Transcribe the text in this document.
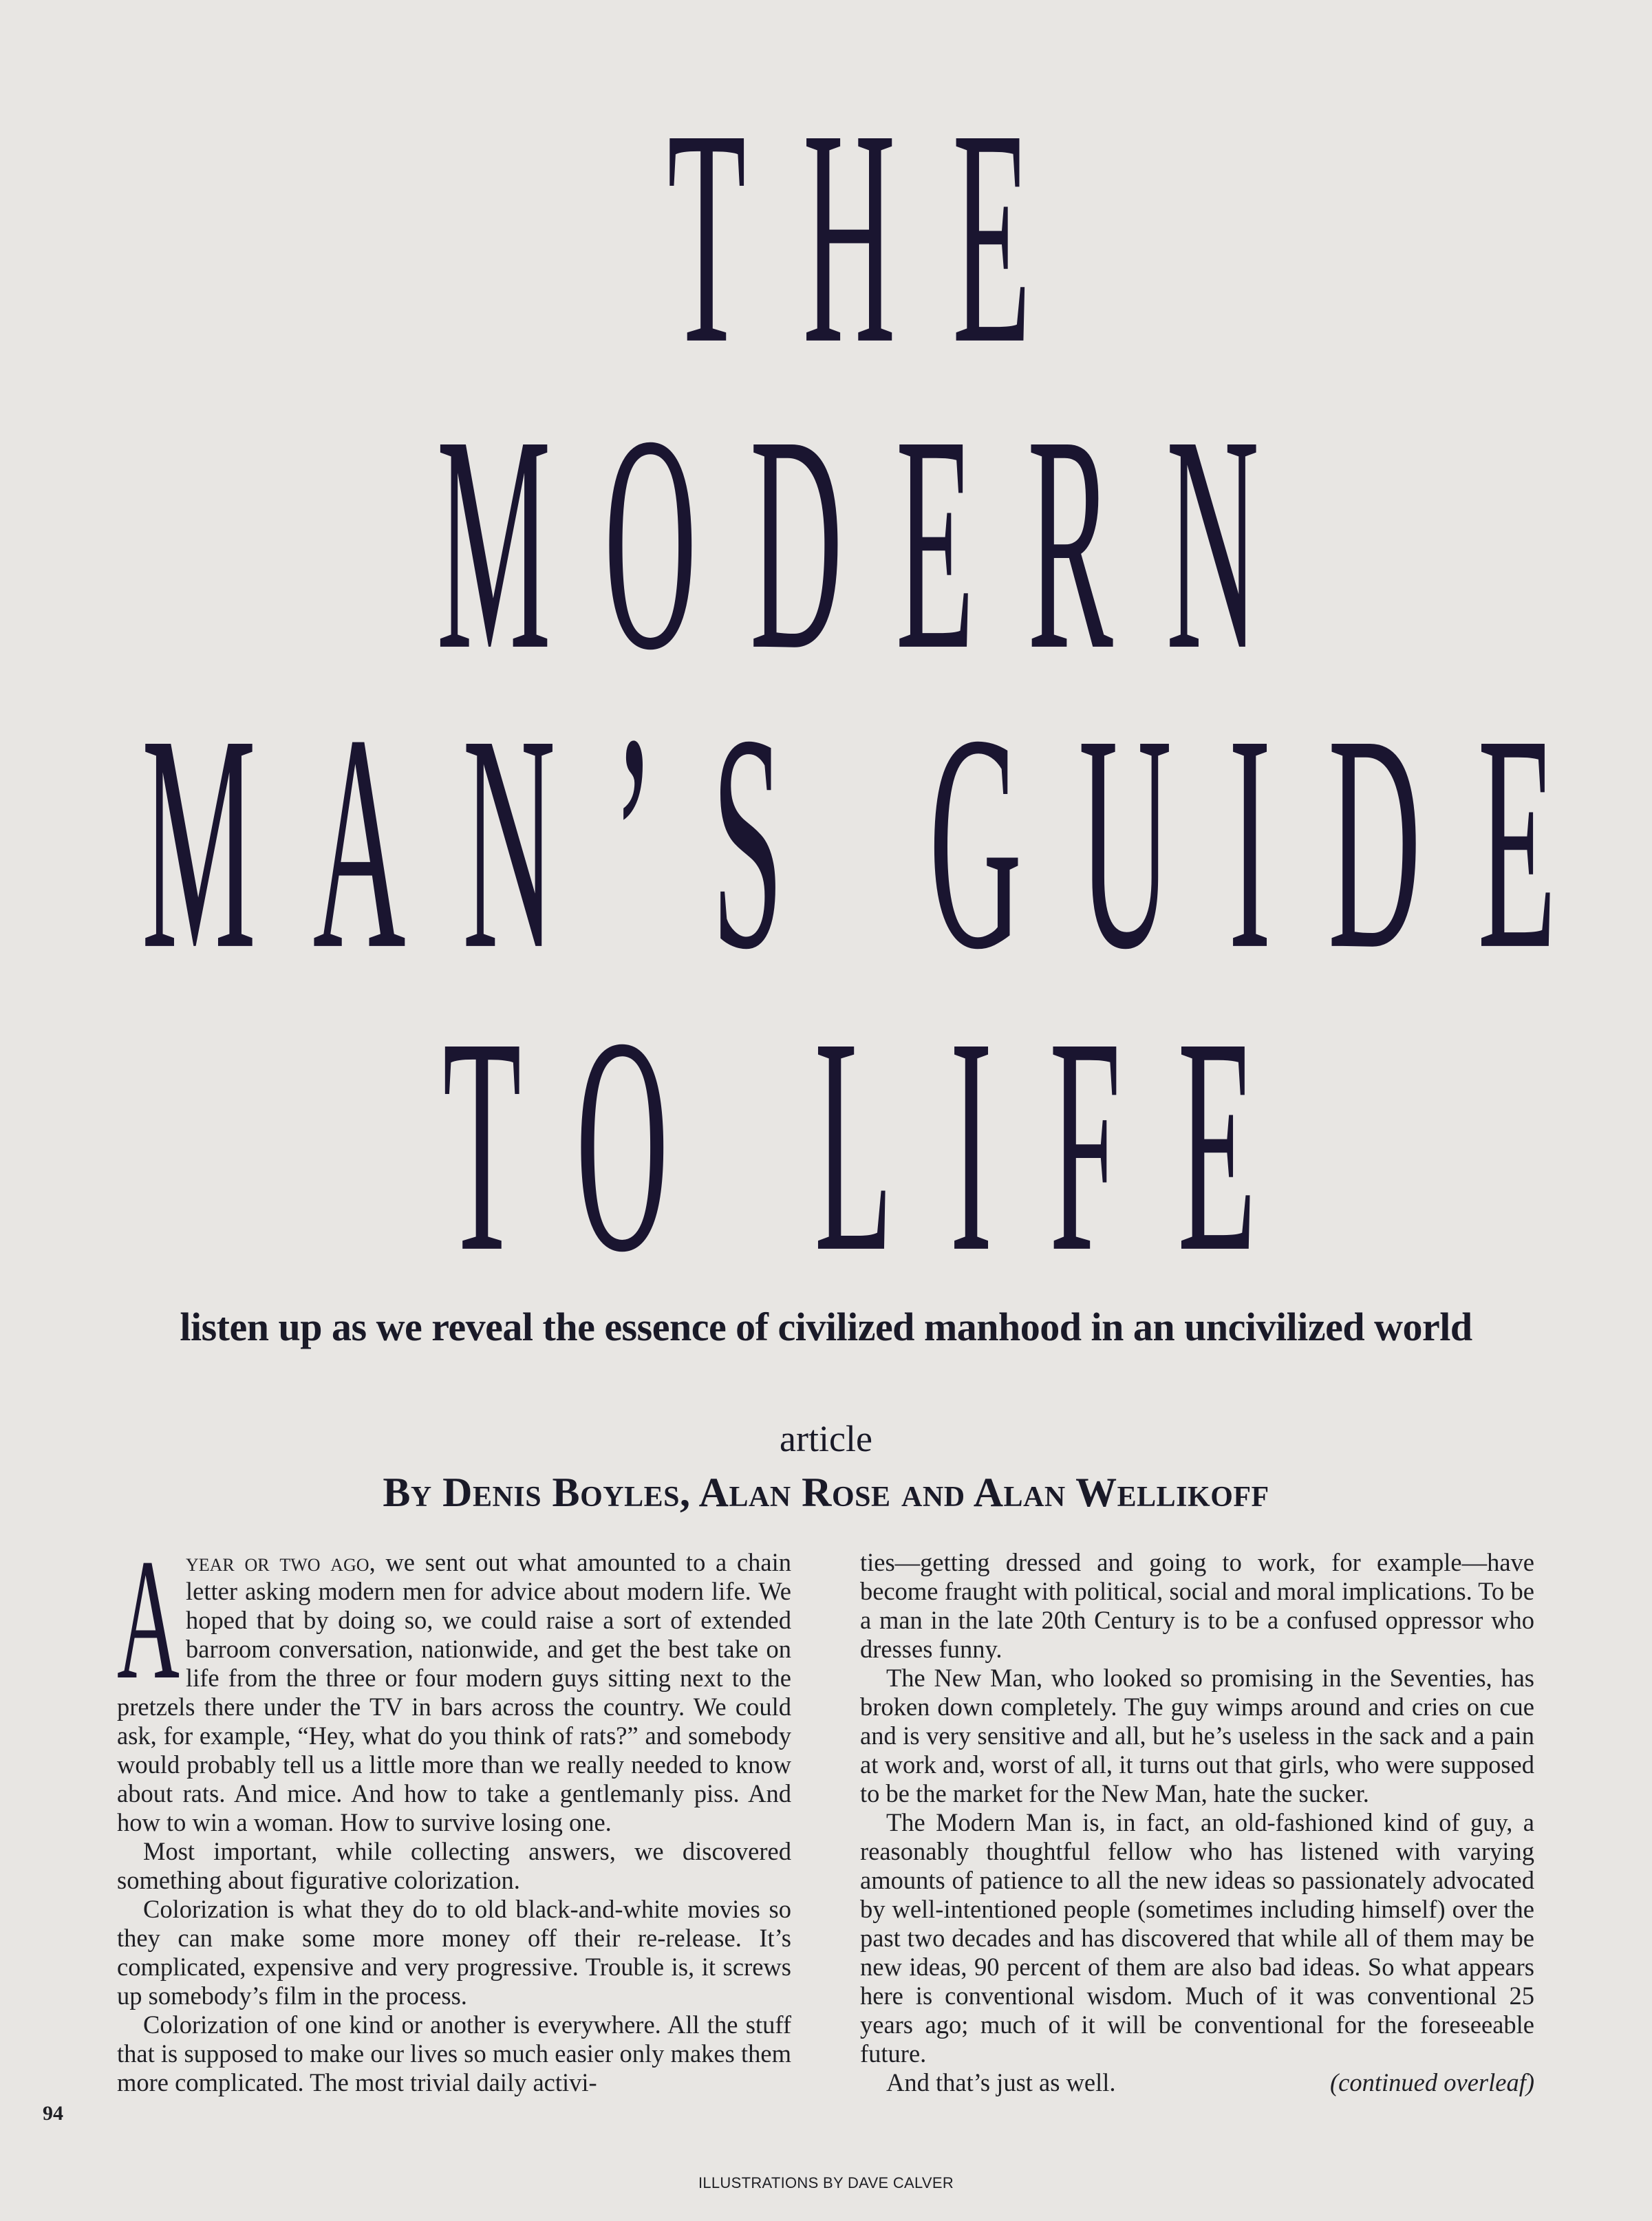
THE
MODERN
MAN’S GUIDE
TO LIFE
listen up as we reveal the essence of civilized manhood in an uncivilized world
article
By Denis Boyles, Alan Rose and Alan Wellikoff

Ayear or two ago, we sent out what amounted to a chain letter asking modern men for advice about modern life. We hoped that by doing so, we could raise a sort of extended barroom conversation, nationwide, and get the best take on life from the three or four modern guys sitting next to the pretzels there under the TV in bars across the country. We could ask, for example, “Hey, what do you think of rats?” and somebody would probably tell us a little more than we really needed to know about rats. And mice. And how to take a gentlemanly piss. And how to win a woman. How to survive losing one.

Most important, while collecting answers, we discovered something about figurative colorization.

Colorization is what they do to old black-and-white movies so they can make some more money off their re-release. It’s complicated, expensive and very progressive. Trouble is, it screws up somebody’s film in the process.

Colorization of one kind or another is everywhere. All the stuff that is supposed to make our lives so much easier only makes them more complicated. The most trivial daily activi-

ties—getting dressed and going to work, for example—have become fraught with political, social and moral implications. To be a man in the late 20th Century is to be a confused oppressor who dresses funny.

The New Man, who looked so promising in the Seventies, has broken down completely. The guy wimps around and cries on cue and is very sensitive and all, but he’s useless in the sack and a pain at work and, worst of all, it turns out that girls, who were supposed to be the market for the New Man, hate the sucker.

The Modern Man is, in fact, an old-fashioned kind of guy, a reasonably thoughtful fellow who has listened with varying amounts of patience to all the new ideas so passionately advocated by well-intentioned people (sometimes including himself) over the past two decades and has discovered that while all of them may be new ideas, 90 percent of them are also bad ideas. So what appears here is conventional wisdom. Much of it was conventional 25 years ago; much of it will be conventional for the foreseeable future.

And that’s just as well.	(continued overleaf)

94
ILLUSTRATIONS BY DAVE CALVER
